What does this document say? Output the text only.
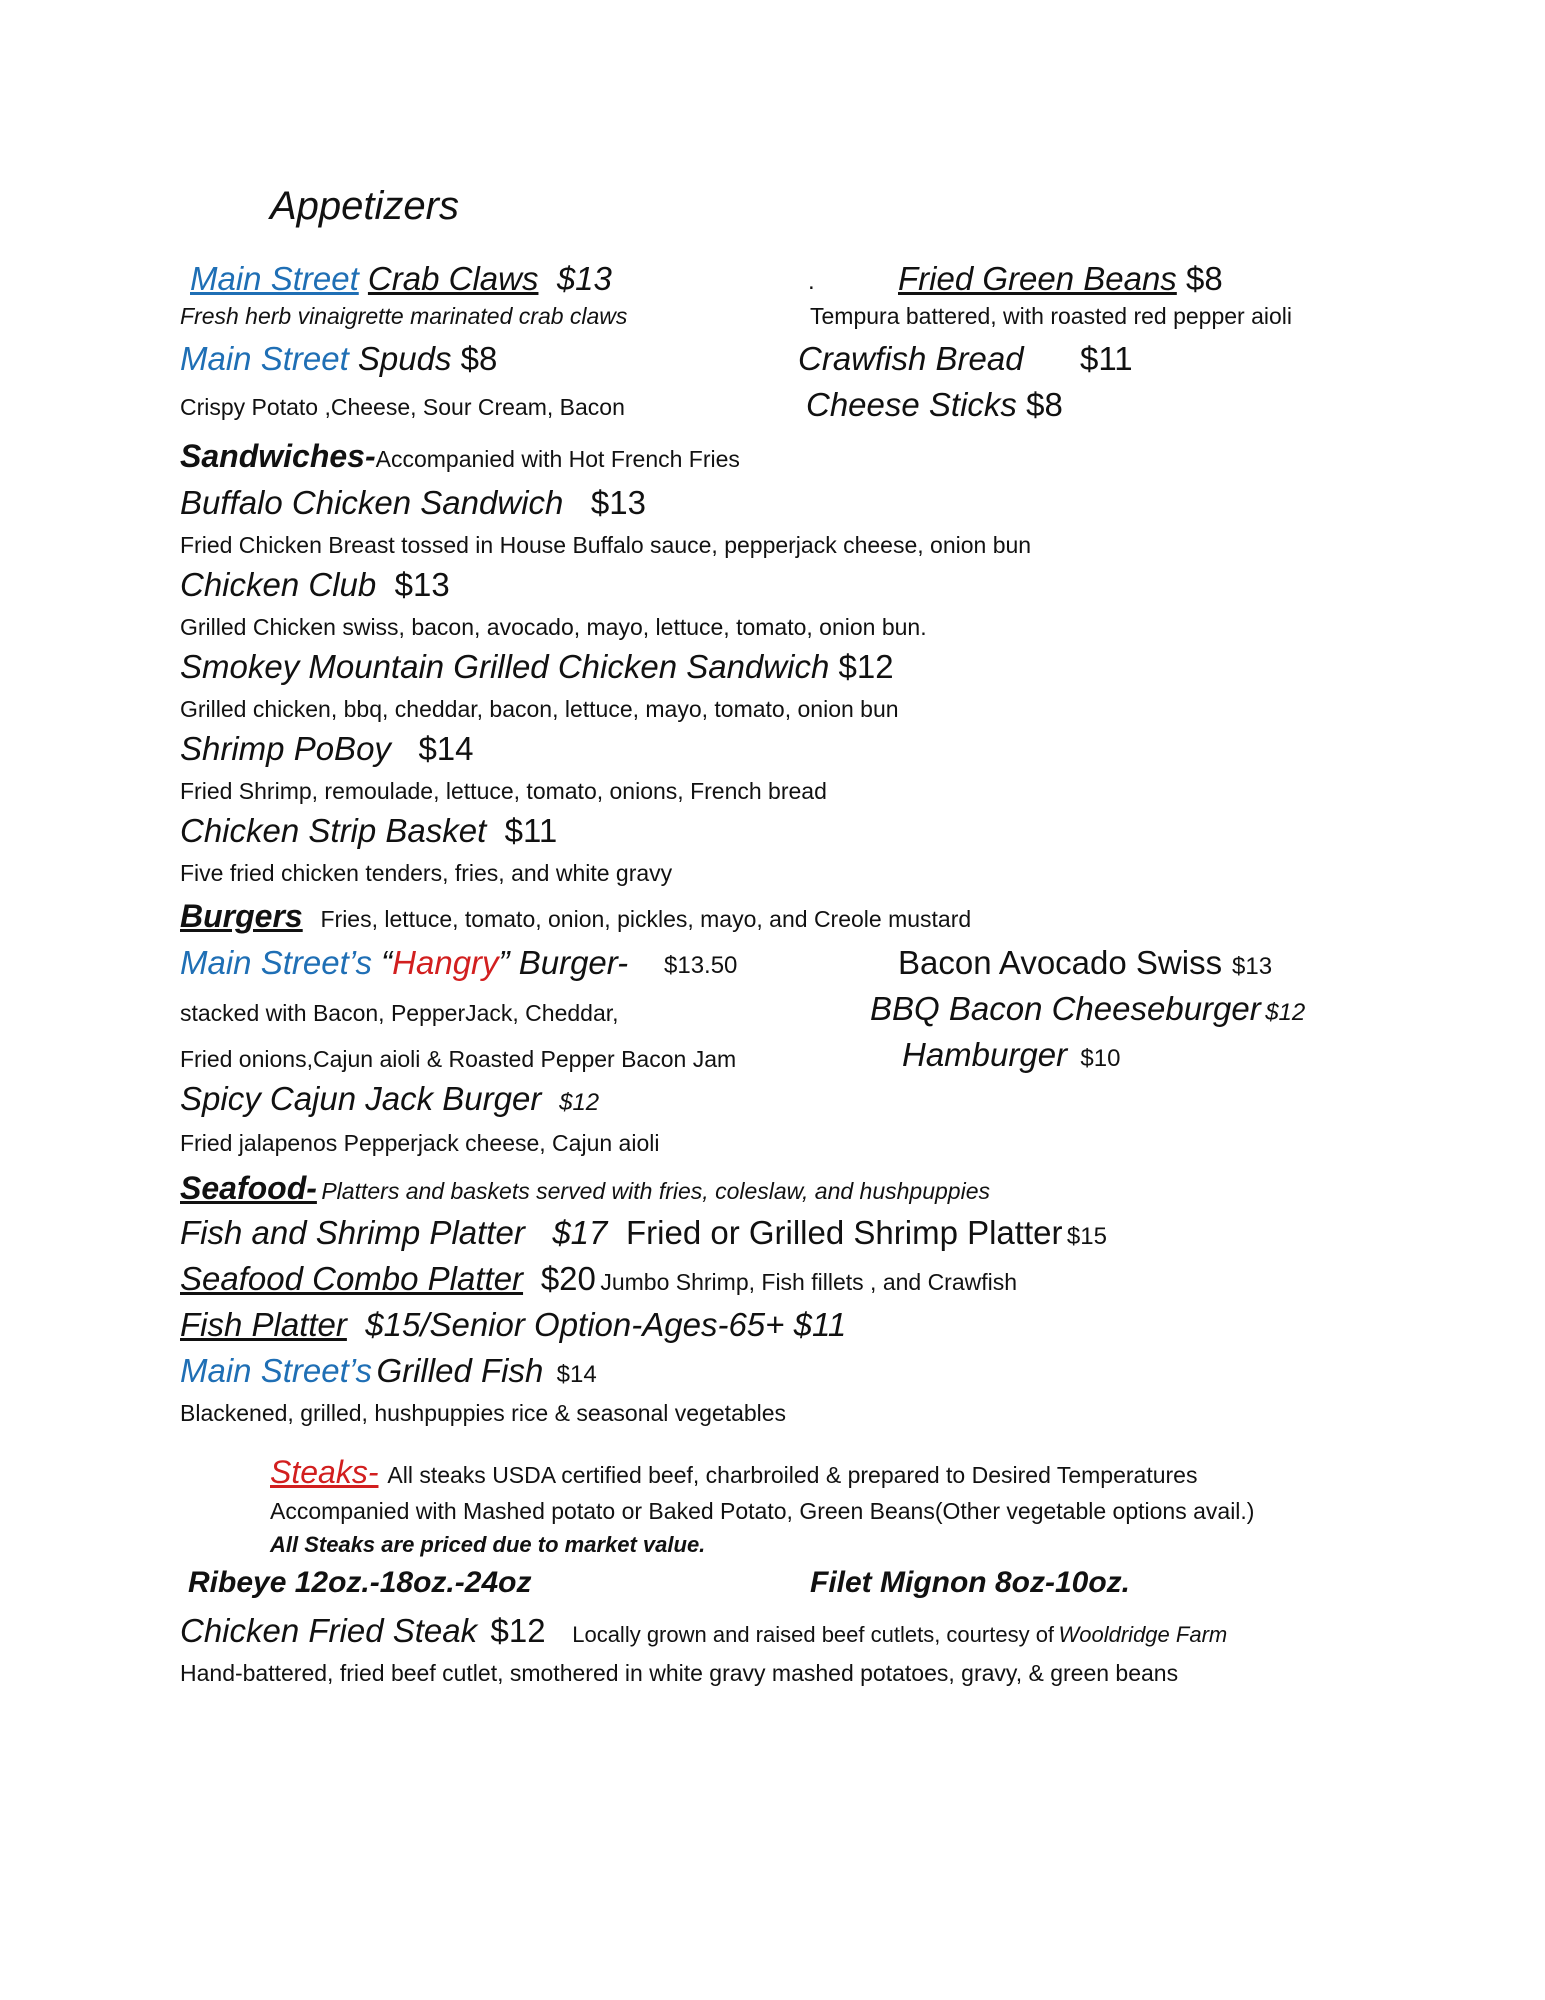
Appetizers
Main Street Crab Claws $13
Fresh herb vinaigrette marinated crab claws
.	Fried Green Beans $8
Tempura battered, with roasted red pepper aioli
Main Street Spuds $8
Crispy Potato ,Cheese, Sour Cream, Bacon
Crawfish Bread $11
Cheese Sticks $8
Sandwiches-Accompanied with Hot French Fries
Buffalo Chicken Sandwich $13
Fried Chicken Breast tossed in House Buffalo sauce, pepperjack cheese, onion bun
Chicken Club $13
Grilled Chicken swiss, bacon, avocado, mayo, lettuce, tomato, onion bun.
Smokey Mountain Grilled Chicken Sandwich $12
Grilled chicken, bbq, cheddar, bacon, lettuce, mayo, tomato, onion bun
Shrimp PoBoy $14
Fried Shrimp, remoulade, lettuce, tomato, onions, French bread
Chicken Strip Basket $11
Five fried chicken tenders, fries, and white gravy
Burgers Fries, lettuce, tomato, onion, pickles, mayo, and Creole mustard
Main Street’s “Hangry” Burger- $13.50
stacked with Bacon, PepperJack, Cheddar,
Fried onions,Cajun aioli & Roasted Pepper Bacon Jam
Bacon Avocado Swiss $13
BBQ Bacon Cheeseburger $12
Hamburger $10
Spicy Cajun Jack Burger $12
Fried jalapenos Pepperjack cheese, Cajun aioli
Seafood- Platters and baskets served with fries, coleslaw, and hushpuppies
Fish and Shrimp Platter $17 Fried or Grilled Shrimp Platter $15
Seafood Combo Platter $20 Jumbo Shrimp, Fish fillets , and Crawfish
Fish Platter $15/Senior Option-Ages-65+ $11
Main Street’s Grilled Fish $14
Blackened, grilled, hushpuppies rice & seasonal vegetables
Steaks- All steaks USDA certified beef, charbroiled & prepared to Desired Temperatures
Accompanied with Mashed potato or Baked Potato, Green Beans(Other vegetable options avail.)
All Steaks are priced due to market value.
Ribeye 12oz.-18oz.-24oz	Filet Mignon 8oz-10oz.
Chicken Fried Steak $12 Locally grown and raised beef cutlets, courtesy of Wooldridge Farm
Hand-battered, fried beef cutlet, smothered in white gravy mashed potatoes, gravy, & green beans
